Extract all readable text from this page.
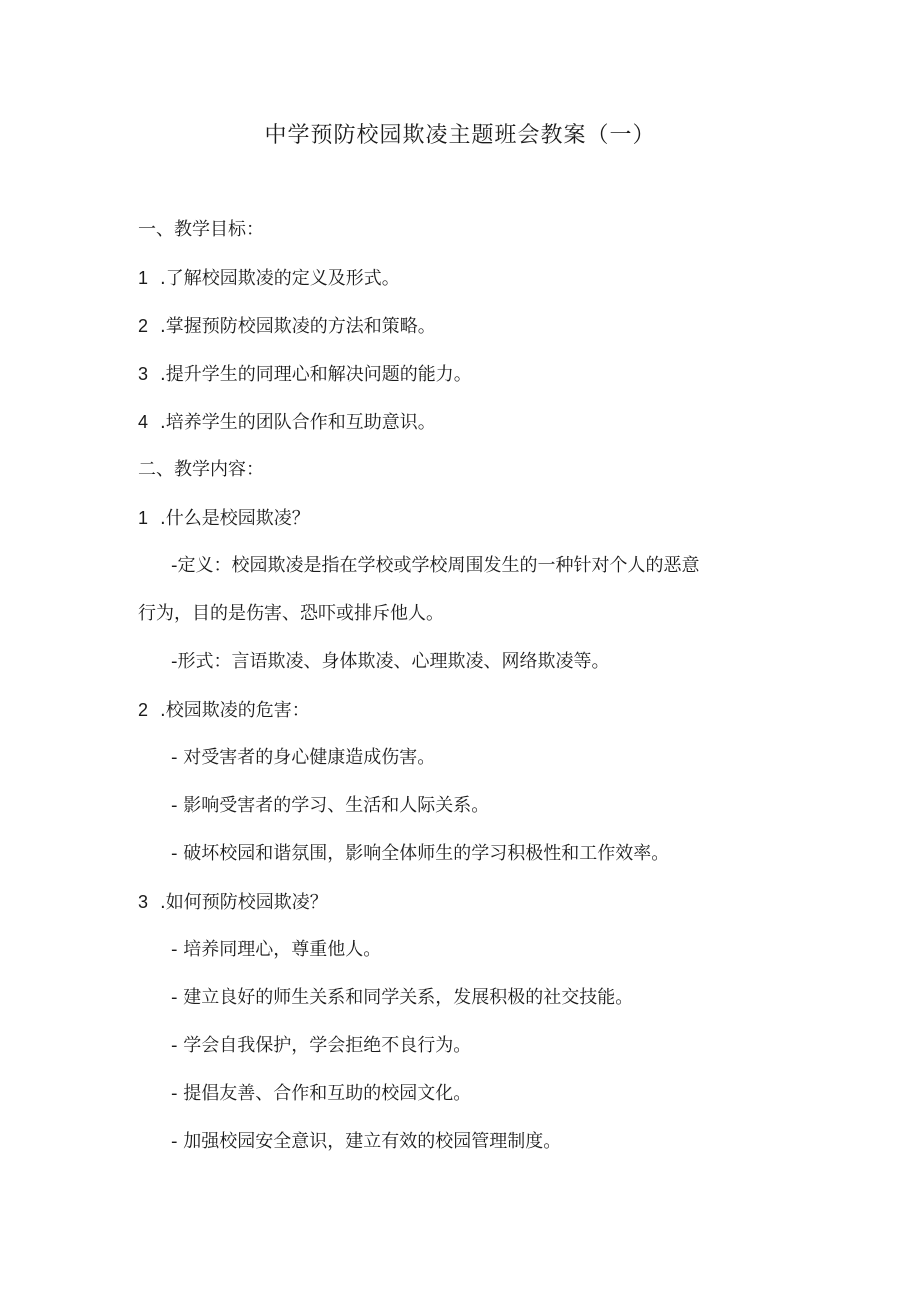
中学预防校园欺凌主题班会教案（一）
一、教学目标：
1 .了解校园欺凌的定义及形式。
2 .掌握预防校园欺凌的方法和策略。
3 .提升学生的同理心和解决问题的能力。
4 .培养学生的团队合作和互助意识。
二、教学内容：
1 .什么是校园欺凌？
-定义：校园欺凌是指在学校或学校周围发生的一种针对个人的恶意
行为，目的是伤害、恐吓或排斥他人。
-形式：言语欺凌、身体欺凌、心理欺凌、网络欺凌等。
2 .校园欺凌的危害：
- 对受害者的身心健康造成伤害。
- 影响受害者的学习、生活和人际关系。
- 破坏校园和谐氛围，影响全体师生的学习积极性和工作效率。
3 .如何预防校园欺凌？
- 培养同理心，尊重他人。
- 建立良好的师生关系和同学关系，发展积极的社交技能。
- 学会自我保护，学会拒绝不良行为。
- 提倡友善、合作和互助的校园文化。
- 加强校园安全意识，建立有效的校园管理制度。
